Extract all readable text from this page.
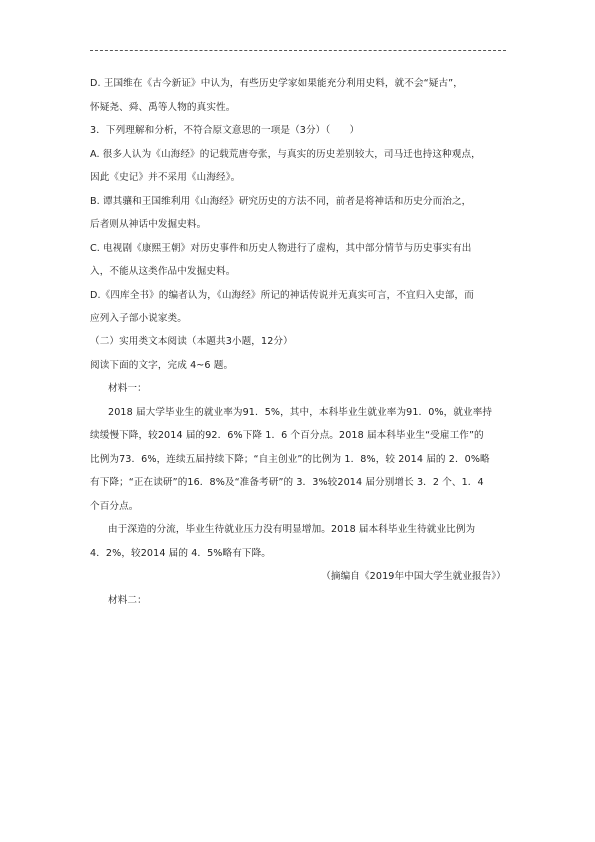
D. 王国维在《古今新证》中认为，有些历史学家如果能充分利用史料，就不会“疑古”，
怀疑尧、舜、禹等人物的真实性。
3．下列理解和分析，不符合原文意思的一项是（3分）（　　）
A. 很多人认为《山海经》的记载荒唐夸张，与真实的历史差别较大，司马迁也持这种观点，
因此《史记》并不采用《山海经》。
B. 谭其骧和王国维利用《山海经》研究历史的方法不同，前者是将神话和历史分而治之，
后者则从神话中发掘史料。
C. 电视剧《康熙王朝》对历史事件和历史人物进行了虚构，其中部分情节与历史事实有出
入，不能从这类作品中发掘史料。
D.《四库全书》的编者认为，《山海经》所记的神话传说并无真实可言，不宜归入史部，而
应列入子部小说家类。
（二）实用类文本阅读（本题共3小题，12分）
阅读下面的文字，完成 4~6 题。
材料一：
2018 届大学毕业生的就业率为91．5%，其中，本科毕业生就业率为91．0%，就业率持
续缓慢下降，较2014 届的92．6%下降 1．6 个百分点。2018 届本科毕业生“受雇工作”的
比例为73．6%，连续五届持续下降；“自主创业”的比例为 1．8%，较 2014 届的 2．0%略
有下降；“正在读研”的16．8%及“准备考研”的 3．3%较2014 届分别增长 3．2 个、1．4
个百分点。
由于深造的分流，毕业生待就业压力没有明显增加。2018 届本科毕业生待就业比例为
4．2%，较2014 届的 4．5%略有下降。
（摘编自《2019年中国大学生就业报告》）
材料二：
